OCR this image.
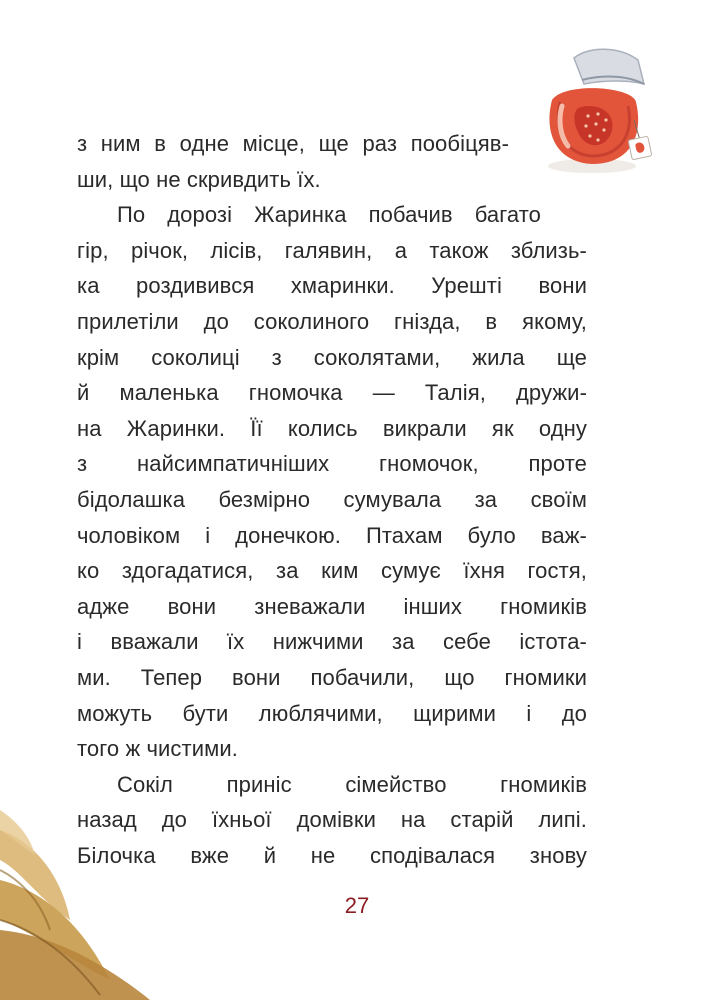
з ним в одне місце, ще раз пообіцяв-
ши, що не скривдить їх.
По дорозі Жаринка побачив багато
гір, річок, лісів, галявин, а також зблизь-
ка роздивився хмаринки. Урешті вони
прилетіли до соколиного гнізда, в якому,
крім соколиці з соколятами, жила ще
й маленька гномочка — Талія, дружи-
на Жаринки. Її колись викрали як одну
з найсимпатичніших гномочок, проте
бідолашка безмірно сумувала за своїм
чоловіком і донечкою. Птахам було важ-
ко здогадатися, за ким сумує їхня гостя,
адже вони зневажали інших гномиків
і вважали їх нижчими за себе істота-
ми. Тепер вони побачили, що гномики
можуть бути люблячими, щирими і до
того ж чистими.
Сокіл приніс сімейство гномиків
назад до їхньої домівки на старій липі.
Білочка вже й не сподівалася знову
27
